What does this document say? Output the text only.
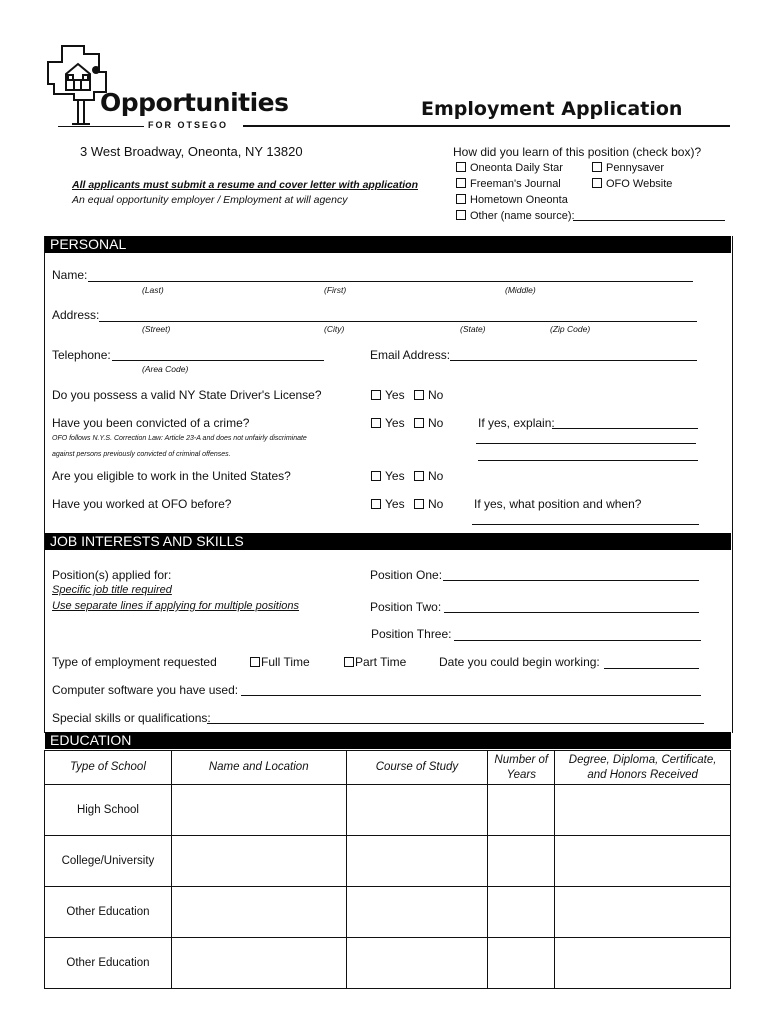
Opportunities
FOR OTSEGO
Employment Application
3 West Broadway, Oneonta, NY 13820
All applicants must submit a resume and cover letter with application
An equal opportunity employer / Employment at will agency
How did you learn of this position (check box)?
Oneonta Daily Star	Pennysaver
Freeman's Journal	OFO Website
Hometown Oneonta
Other (name source):
PERSONAL
Name:
(Last)	(First)	(Middle)
Address:
(Street)	(City)	(State)	(Zip Code)
Telephone:
(Area Code)
Email Address:
Do you possess a valid NY State Driver's License?	Yes	No
Have you been convicted of a crime?	Yes	No	If yes, explain:
OFO follows N.Y.S. Correction Law: Article 23-A and does not unfairly discriminate
against persons previously convicted of criminal offenses.
Are you eligible to work in the United States?	Yes	No
Have you worked at OFO before?	Yes	No	If yes, what position and when?
JOB INTERESTS AND SKILLS
Position(s) applied for:
Specific job title required
Use separate lines if applying for multiple positions
Position One:
Position Two:
Position Three:
Type of employment requested	Full Time	Part Time	Date you could begin working:
Computer software you have used:
Special skills or qualifications:
EDUCATION
Type of School	Name and Location	Course of Study	Number of Years	Degree, Diploma, Certificate, and Honors Received
High School				
College/University				
Other Education				
Other Education				
